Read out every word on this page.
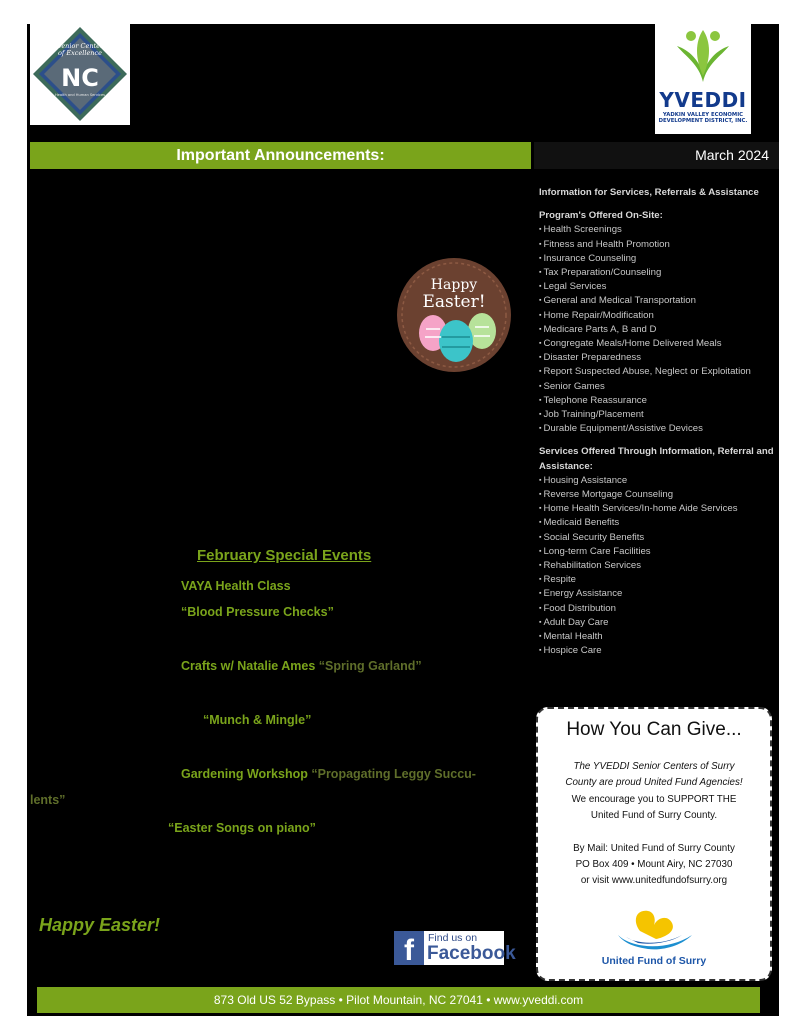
Senior Center
of Excellence
NC
Health and Human Services	YVEDDI
YADKIN VALLEY ECONOMIC
DEVELOPMENT DISTRICT, INC.
Important Announcements:	March 2024
Happy
Easter!
Information for Services, Referrals & Assistance
Program's Offered On-Site:
▪ Health Screenings
▪ Fitness and Health Promotion
▪ Insurance Counseling
▪ Tax Preparation/Counseling
▪ Legal Services
▪ General and Medical Transportation
▪ Home Repair/Modification
▪ Medicare Parts A, B and D
▪ Congregate Meals/Home Delivered Meals
▪ Disaster Preparedness
▪ Report Suspected Abuse, Neglect or Exploitation
▪ Senior Games
▪ Telephone Reassurance
▪ Job Training/Placement
▪ Durable Equipment/Assistive Devices
Services Offered Through Information, Referral and Assistance:
▪ Housing Assistance
▪ Reverse Mortgage Counseling
▪ Home Health Services/In-home Aide Services
▪ Medicaid Benefits
▪ Social Security Benefits
▪ Long-term Care Facilities
▪ Rehabilitation Services
▪ Respite
▪ Energy Assistance
▪ Food Distribution
▪ Adult Day Care
▪ Mental Health
▪ Hospice Care
February Special Events
VAYA Health Class
“Blood Pressure Checks”
Crafts w/ Natalie Ames “Spring Garland”
“Munch & Mingle”
Gardening Workshop “Propagating Leggy Succu-
lents”
“Easter Songs on piano”
Happy Easter!
f	Find us on
Facebook
How You Can Give...
The YVEDDI Senior Centers of Surry
County are proud United Fund Agencies!
We encourage you to SUPPORT THE
United Fund of Surry County.
By Mail: United Fund of Surry County
PO Box 409 • Mount Airy, NC 27030
or visit www.unitedfundofsurry.org
United Fund of Surry
873 Old US 52 Bypass • Pilot Mountain, NC 27041 • www.yveddi.com
